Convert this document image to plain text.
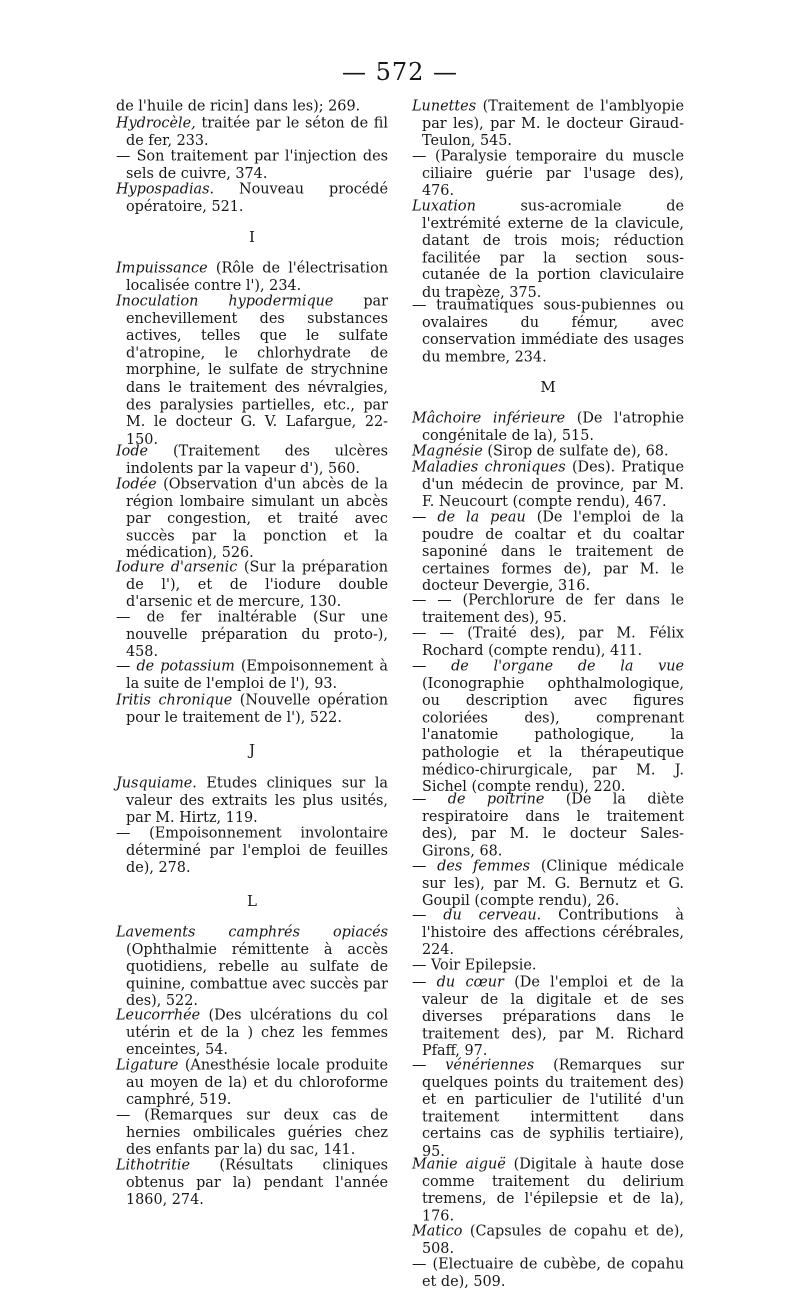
— 572 —
de l'huile de ricin] dans les); 269.
Hydrocèle, traitée par le séton de fil de fer, 233.
— Son traitement par l'injection des sels de cuivre, 374.
Hypospadias. Nouveau procédé opératoire, 521.
I
Impuissance (Rôle de l'électrisation localisée contre l'), 234.
Inoculation hypodermique par enchevillement des substances actives, telles que le sulfate d'atropine, le chlorhydrate de morphine, le sulfate de strychnine dans le traitement des névralgies, des paralysies partielles, etc., par M. le docteur G. V. Lafargue, 22-150.
Iode (Traitement des ulcères indolents par la vapeur d'), 560.
Iodée (Observation d'un abcès de la région lombaire simulant un abcès par congestion, et traité avec succès par la ponction et la médication), 526.
Iodure d'arsenic (Sur la préparation de l'), et de l'iodure double d'arsenic et de mercure, 130.
— de fer inaltérable (Sur une nouvelle préparation du proto-), 458.
— de potassium (Empoisonnement à la suite de l'emploi de l'), 93.
Iritis chronique (Nouvelle opération pour le traitement de l'), 522.
J
Jusquiame. Etudes cliniques sur la valeur des extraits les plus usités, par M. Hirtz, 119.
— (Empoisonnement involontaire déterminé par l'emploi de feuilles de), 278.
L
Lavements camphrés opiacés (Ophthalmie rémittente à accès quotidiens, rebelle au sulfate de quinine, combattue avec succès par des), 522.
Leucorrhée (Des ulcérations du col utérin et de la ) chez les femmes enceintes, 54.
Ligature (Anesthésie locale produite au moyen de la) et du chloroforme camphré, 519.
— (Remarques sur deux cas de hernies ombilicales guéries chez des enfants par la) du sac, 141.
Lithotritie (Résultats cliniques obtenus par la) pendant l'année 1860, 274.
Lunettes (Traitement de l'amblyopie par les), par M. le docteur Giraud-Teulon, 545.
— (Paralysie temporaire du muscle ciliaire guérie par l'usage des), 476.
Luxation	sus-acromiale de l'extrémité externe de la clavicule, datant de trois mois; réduction facilitée par la section sous-cutanée de la portion claviculaire du trapèze, 375.
— traumatiques sous-pubiennes ou ovalaires du fémur, avec conservation immédiate des usages du membre, 234.
M
Mâchoire inférieure (De l'atrophie congénitale de la), 515.
Magnésie (Sirop de sulfate de), 68.
Maladies chroniques (Des). Pratique d'un médecin de province, par M. F. Neucourt (compte rendu), 467.
— de la peau (De l'emploi de la poudre de coaltar et du coaltar saponiné dans le traitement de certaines formes de), par M. le docteur Devergie, 316.
— — (Perchlorure de fer dans le traitement des), 95.
— — (Traité des), par M. Félix Rochard (compte rendu), 411.
— de l'organe de la vue (Iconographie ophthalmologique, ou description avec figures coloriées des), comprenant l'anatomie pathologique, la pathologie et la thérapeutique médico-chirurgicale, par M. J. Sichel (compte rendu), 220.
— de poitrine (De la diète respiratoire dans le traitement des), par M. le docteur Sales-Girons, 68.
— des femmes (Clinique médicale sur les), par M. G. Bernutz et G. Goupil (compte rendu), 26.
— du cerveau. Contributions à l'histoire des affections cérébrales, 224.
— Voir Epilepsie.
— du cœur (De l'emploi et de la valeur de la digitale et de ses diverses préparations dans le traitement des), par M. Richard Pfaff, 97.
— vénériennes (Remarques sur quelques points du traitement des) et en particulier de l'utilité d'un traitement intermittent dans certains cas de syphilis tertiaire), 95.
Manie aiguë (Digitale à haute dose comme traitement du delirium tremens, de l'épilepsie et de la), 176.
Matico (Capsules de copahu et de), 508.
— (Electuaire de cubèbe, de copahu et de), 509.
